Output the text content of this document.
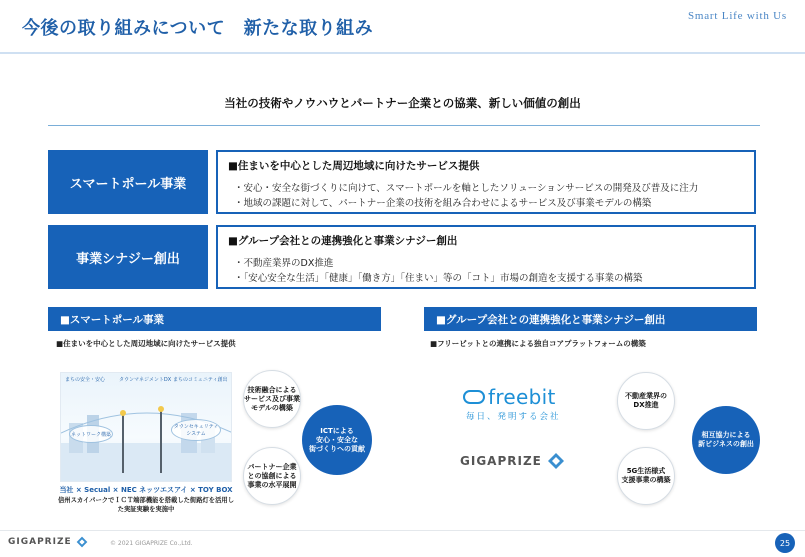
今後の取り組みについて　新たな取り組み
Smart Life with Us
当社の技術やノウハウとパートナー企業との協業、新しい価値の創出
スマートポール事業
■住まいを中心とした周辺地域に向けたサービス提供
・安心・安全な街づくりに向けて、スマートポールを軸としたソリューションサービスの開発及び普及に注力
・地域の課題に対して、パートナー企業の技術を組み合わせによるサービス及び事業モデルの構築
事業シナジー創出
■グループ会社との連携強化と事業シナジー創出
・不動産業界のDX推進
・「安心安全な生活」「健康」「働き方」「住まい」等の「コト」市場の創造を支援する事業の構築
■スマートポール事業
■住まいを中心とした周辺地域に向けたサービス提供
まちの安全・安心	タウンマネジメントDX まちのコミュニティ創出
ネットワーク構築
タウンセキュリティシステム
当社 × Secual × NEC ネッツエスアイ × TOY BOX
信州スカイパークでＩＣＴ端部機能を搭載した街路灯を活用した実証実験を実施中
技術融合による
サービス及び事業
モデルの構築
パートナー企業
との協創による
事業の水平展開
ICTによる
安心・安全な
街づくりへの貢献
■グループ会社との連携強化と事業シナジー創出
■フリービットとの連携による独自コアプラットフォームの構築
freebit
毎日、発明する会社
GIGAPRIZE
不動産業界の
DX推進
5G生活様式
支援事業の構築
相互協力による
新ビジネスの創出
GIGAPRIZE	© 2021 GIGAPRIZE Co.,Ltd.	25
